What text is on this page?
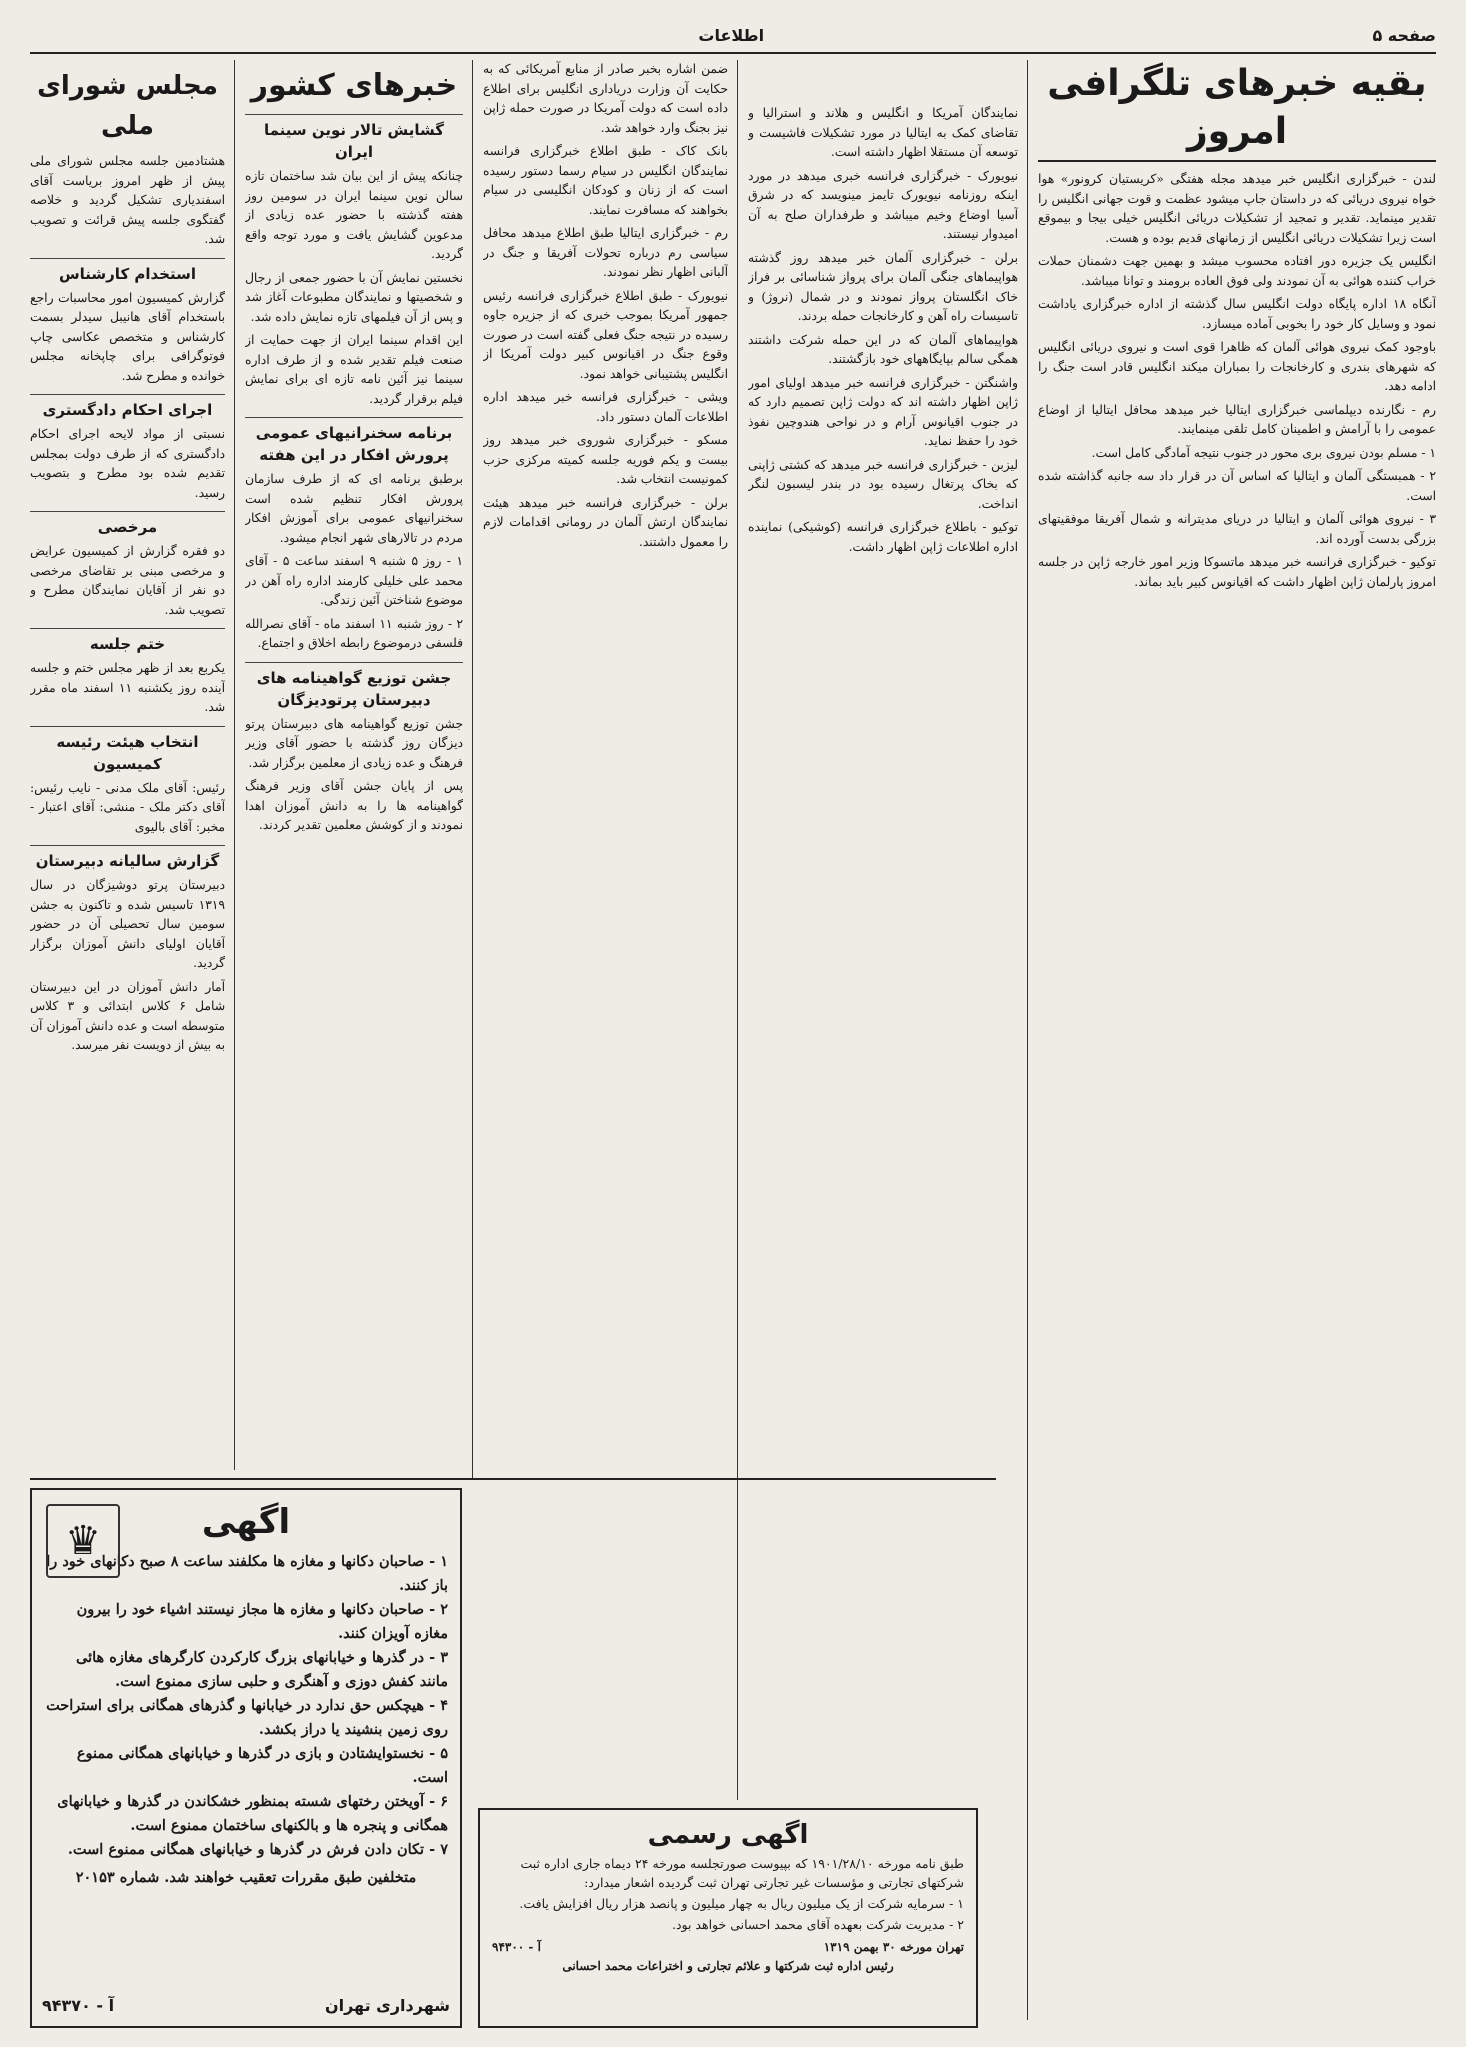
صفحه ۵
اطلاعات
بقیه خبرهای تلگرافی امروز

لندن - خبرگزاری انگلیس خبر میدهد مجله هفتگی «کریستیان کرونور» هوا خواه نیروی دریائی که در داستان جاپ میشود عظمت و قوت جهانی انگلیس را تقدیر مینماید. تقدیر و تمجید از تشکیلات دریائی انگلیس خیلی بیجا و بیموقع است زیرا تشکیلات دریائی انگلیس از زمانهای قدیم بوده و هست.

انگلیس یک جزیره دور افتاده محسوب میشد و بهمین جهت دشمنان حملات خراب کننده هوائی به آن نمودند ولی فوق العاده برومند و توانا میباشد.

آنگاه ۱۸ اداره پایگاه دولت انگلیس سال گذشته از اداره خبرگزاری یاداشت نمود و وسایل کار خود را بخوبی آماده میسازد.

باوجود کمک نیروی هوائی آلمان که ظاهرا قوی است و نیروی دریائی انگلیس که شهرهای بندری و کارخانجات را بمباران میکند انگلیس قادر است جنگ را ادامه دهد.

رم - نگارنده دیپلماسی خبرگزاری ایتالیا خبر میدهد محافل ایتالیا از اوضاع عمومی را با آرامش و اطمینان کامل تلقی مینمایند.

۱ - مسلم بودن نیروی بری محور در جنوب نتیجه آمادگی کامل است.

۲ - همبستگی آلمان و ایتالیا که اساس آن در قرار داد سه جانبه گذاشته شده است.

۳ - نیروی هوائی آلمان و ایتالیا در دریای مدیترانه و شمال آفریقا موفقیتهای بزرگی بدست آورده اند.

توکیو - خبرگزاری فرانسه خبر میدهد ماتسوکا وزیر امور خارجه ژاپن در جلسه امروز پارلمان ژاپن اظهار داشت که اقیانوس کبیر باید بماند.

نمایندگان آمریکا و انگلیس و هلاند و استرالیا و تقاضای کمک به ایتالیا در مورد تشکیلات فاشیست و توسعه آن مستقلا اظهار داشته است.

نیویورک - خبرگزاری فرانسه خبری میدهد در مورد اینکه روزنامه نیویورک تایمز مینویسد که در شرق آسیا اوضاع وخیم میباشد و طرفداران صلح به آن امیدوار نیستند.

برلن - خبرگزاری آلمان خبر میدهد روز گذشته هواپیماهای جنگی آلمان برای پرواز شناسائی بر فراز خاک انگلستان پرواز نمودند و در شمال (نروژ) و تاسیسات راه آهن و کارخانجات حمله بردند.

هواپیماهای آلمان که در این حمله شرکت داشتند همگی سالم بپایگاههای خود بازگشتند.

واشنگتن - خبرگزاری فرانسه خبر میدهد اولیای امور ژاپن اظهار داشته اند که دولت ژاپن تصمیم دارد که در جنوب اقیانوس آرام و در نواحی هندوچین نفوذ خود را حفظ نماید.

لیزبن - خبرگزاری فرانسه خبر میدهد که کشتی ژاپنی که بخاک پرتغال رسیده بود در بندر لیسبون لنگر انداخت.

توکیو - باطلاع خبرگزاری فرانسه (کوشیکی) نماینده اداره اطلاعات ژاپن اظهار داشت.

ضمن اشاره بخبر صادر از منابع آمریکائی که به حکایت آن وزارت دریاداری انگلیس برای اطلاع داده است که دولت آمریکا در صورت حمله ژاپن نیز بجنگ وارد خواهد شد.

بانک کاک - طبق اطلاع خبرگزاری فرانسه نمایندگان انگلیس در سیام رسما دستور رسیده است که از زنان و کودکان انگلیسی در سیام بخواهند که مسافرت نمایند.

رم - خبرگزاری ایتالیا طبق اطلاع میدهد محافل سیاسی رم درباره تحولات آفریقا و جنگ در آلبانی اظهار نظر نمودند.

نیویورک - طبق اطلاع خبرگزاری فرانسه رئیس جمهور آمریکا بموجب خبری که از جزیره جاوه رسیده در نتیجه جنگ فعلی گفته است در صورت وقوع جنگ در اقیانوس کبیر دولت آمریکا از انگلیس پشتیبانی خواهد نمود.

ویشی - خبرگزاری فرانسه خبر میدهد اداره اطلاعات آلمان دستور داد.

مسکو - خبرگزاری شوروی خبر میدهد روز بیست و یکم فوریه جلسه کمیته مرکزی حزب کمونیست انتخاب شد.

برلن - خبرگزاری فرانسه خبر میدهد هیئت نمایندگان ارتش آلمان در رومانی اقدامات لازم را معمول داشتند.

خبرهای کشور
گشایش تالار نوین سینما ایران

چنانکه پیش از این بیان شد ساختمان تازه سالن نوین سینما ایران در سومین روز هفته گذشته با حضور عده زیادی از مدعوین گشایش یافت و مورد توجه واقع گردید.

نخستین نمایش آن با حضور جمعی از رجال و شخصیتها و نمایندگان مطبوعات آغاز شد و پس از آن فیلمهای تازه نمایش داده شد.

این اقدام سینما ایران از جهت حمایت از صنعت فیلم تقدیر شده و از طرف اداره سینما نیز آئین نامه تازه ای برای نمایش فیلم برقرار گردید.

برنامه سخنرانیهای عمومی پرورش افکار در این هفته

برطبق برنامه ای که از طرف سازمان پرورش افکار تنظیم شده است سخنرانیهای عمومی برای آموزش افکار مردم در تالارهای شهر انجام میشود.

۱ - روز ۵ شنبه ۹ اسفند ساعت ۵ - آقای محمد علی خلیلی کارمند اداره راه آهن در موضوع شناختن آئین زندگی.

۲ - روز شنبه ۱۱ اسفند ماه - آقای نصرالله فلسفی درموضوع رابطه اخلاق و اجتماع.

جشن توزیع گواهینامه های دبیرستان پرتودیزگان

جشن توزیع گواهینامه های دبیرستان پرتو دیزگان روز گذشته با حضور آقای وزیر فرهنگ و عده زیادی از معلمین برگزار شد.

پس از پایان جشن آقای وزیر فرهنگ گواهینامه ها را به دانش آموزان اهدا نمودند و از کوشش معلمین تقدیر کردند.

مجلس شورای ملی

هشتادمین جلسه مجلس شورای ملی پیش از ظهر امروز بریاست آقای اسفندیاری تشکیل گردید و خلاصه گفتگوی جلسه پیش قرائت و تصویب شد.

استخدام کارشناس

گزارش کمیسیون امور محاسبات راجع باستخدام آقای هانیبل سیدلر بسمت کارشناس و متخصص عکاسی چاپ فوتوگرافی برای چاپخانه مجلس خوانده و مطرح شد.

اجرای احکام دادگستری

نسبتی از مواد لایحه اجرای احکام دادگستری که از طرف دولت بمجلس تقدیم شده بود مطرح و بتصویب رسید.

مرخصی

دو فقره گزارش از کمیسیون عرایض و مرخصی مبنی بر تقاضای مرخصی دو نفر از آقایان نمایندگان مطرح و تصویب شد.

ختم جلسه

یکربع بعد از ظهر مجلس ختم و جلسه آینده روز یکشنبه ۱۱ اسفند ماه مقرر شد.

انتخاب هیئت رئیسه کمیسیون

رئیس: آقای ملک مدنی - نایب رئیس: آقای دکتر ملک - منشی: آقای اعتبار - مخبر: آقای بالیوی

گزارش سالیانه دبیرستان

دبیرستان پرتو دوشیزگان در سال ۱۳۱۹ تاسیس شده و تاکنون به جشن سومین سال تحصیلی آن در حضور آقایان اولیای دانش آموزان برگزار گردید.

آمار دانش آموزان در این دبیرستان شامل ۶ کلاس ابتدائی و ۳ کلاس متوسطه است و عده دانش آموزان آن به بیش از دویست نفر میرسد.

♛	اگهی
۱ - صاحبان دکانها و مغازه ها مکلفند ساعت ۸ صبح دکانهای خود را باز کنند.
۲ - صاحبان دکانها و مغازه ها مجاز نیستند اشیاء خود را بیرون مغازه آویزان کنند.
۳ - در گذرها و خیابانهای بزرگ کارکردن کارگرهای مغازه هائی مانند کفش دوزی و آهنگری و حلبی سازی ممنوع است.
۴ - هیچکس حق ندارد در خیابانها و گذرهای همگانی برای استراحت روی زمین بنشیند یا دراز بکشد.
۵ - نخستوایشتادن و بازی در گذرها و خیابانهای همگانی ممنوع است.
۶ - آویختن رختهای شسته بمنظور خشکاندن در گذرها و خیابانهای همگانی و پنجره ها و بالکنهای ساختمان ممنوع است.
۷ - تکان دادن فرش در گذرها و خیابانهای همگانی ممنوع است.
متخلفین طبق مقررات تعقیب خواهند شد. شماره ۲۰۱۵۳
شهرداری تهران
آ - ۹۴۳۷۰
اگهی رسمی

طبق نامه مورخه ۱۹۰۱/۲۸/۱۰ که بپیوست صورتجلسه مورخه ۲۴ دیماه جاری اداره ثبت شرکتهای تجارتی و مؤسسات غیر تجارتی تهران ثبت گردیده اشعار میدارد:

۱ - سرمایه شرکت از یک میلیون ریال به چهار میلیون و پانصد هزار ریال افزایش یافت.

۲ - مدیریت شرکت بعهده آقای محمد احسانی خواهد بود.

تهران مورخه ۳۰ بهمن ۱۳۱۹
آ - ۹۴۳۰۰
رئیس اداره ثبت شرکتها و علائم تجارتی و اختراعات محمد احسانی
